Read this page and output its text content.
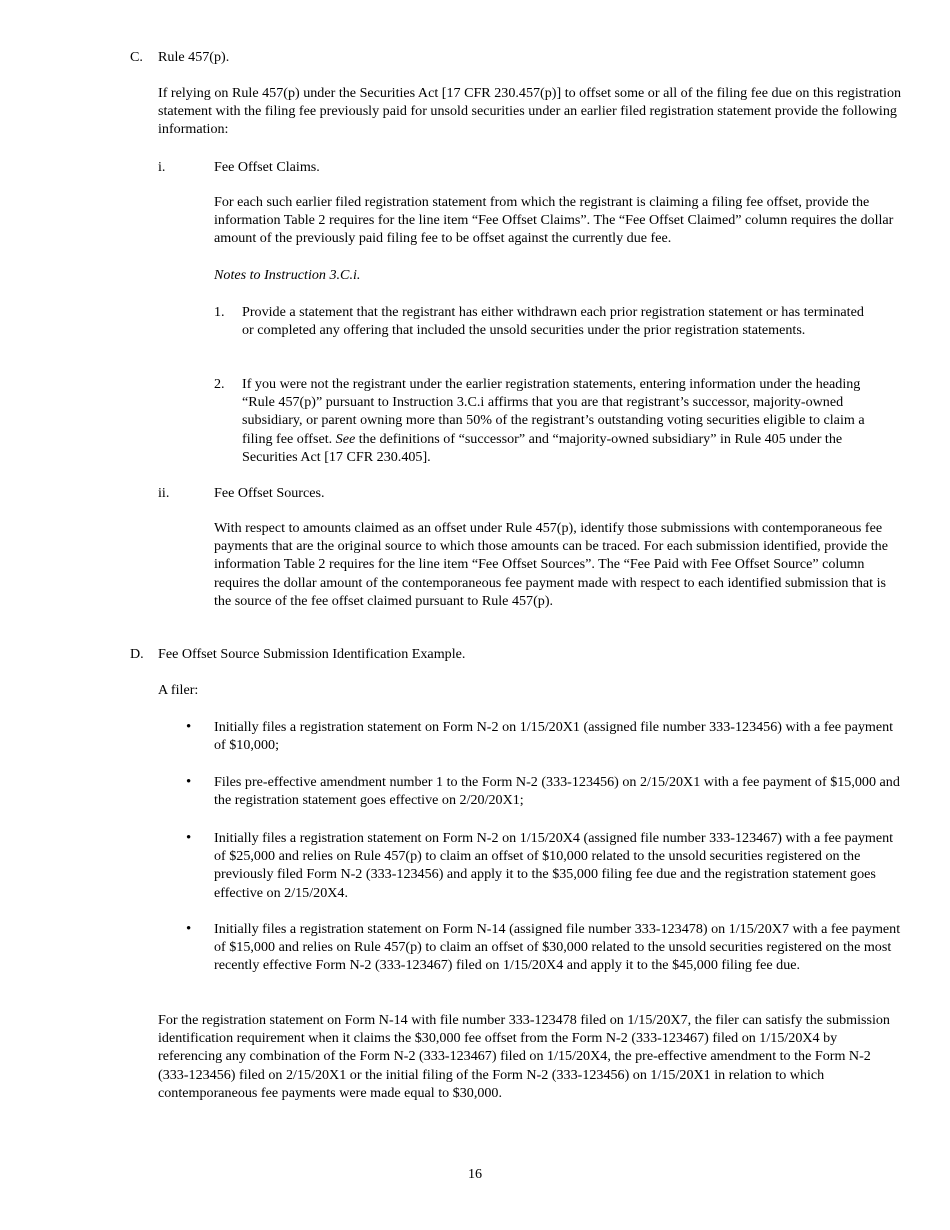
C. Rule 457(p).

If relying on Rule 457(p) under the Securities Act [17 CFR 230.457(p)] to offset some or all of the filing fee due on this registration statement with the filing fee previously paid for unsold securities under an earlier filed registration statement provide the following information:

i.	Fee Offset Claims.

For each such earlier filed registration statement from which the registrant is claiming a filing fee offset, provide the information Table 2 requires for the line item “Fee Offset Claims”. The “Fee Offset Claimed” column requires the dollar amount of the previously paid filing fee to be offset against the currently due fee.

Notes to Instruction 3.C.i.

1. Provide a statement that the registrant has either withdrawn each prior registration statement or has terminated or completed any offering that included the unsold securities under the prior registration statements.

2. If you were not the registrant under the earlier registration statements, entering information under the heading “Rule 457(p)” pursuant to Instruction 3.C.i affirms that you are that registrant’s successor, majority-owned subsidiary, or parent owning more than 50% of the registrant’s outstanding voting securities eligible to claim a filing fee offset. See the definitions of “successor” and “majority-owned subsidiary” in Rule 405 under the Securities Act [17 CFR 230.405].

ii.	Fee Offset Sources.

With respect to amounts claimed as an offset under Rule 457(p), identify those submissions with contemporaneous fee payments that are the original source to which those amounts can be traced. For each submission identified, provide the information Table 2 requires for the line item “Fee Offset Sources”. The “Fee Paid with Fee Offset Source” column requires the dollar amount of the contemporaneous fee payment made with respect to each identified submission that is the source of the fee offset claimed pursuant to Rule 457(p).

D. Fee Offset Source Submission Identification Example.

A filer:

• Initially files a registration statement on Form N-2 on 1/15/20X1 (assigned file number 333-123456) with a fee payment of $10,000;

• Files pre-effective amendment number 1 to the Form N-2 (333-123456) on 2/15/20X1 with a fee payment of $15,000 and the registration statement goes effective on 2/20/20X1;

• Initially files a registration statement on Form N-2 on 1/15/20X4 (assigned file number 333-123467) with a fee payment of $25,000 and relies on Rule 457(p) to claim an offset of $10,000 related to the unsold securities registered on the previously filed Form N-2 (333-123456) and apply it to the $35,000 filing fee due and the registration statement goes effective on 2/15/20X4.

• Initially files a registration statement on Form N-14 (assigned file number 333-123478) on 1/15/20X7 with a fee payment of $15,000 and relies on Rule 457(p) to claim an offset of $30,000 related to the unsold securities registered on the most recently effective Form N-2 (333-123467) filed on 1/15/20X4 and apply it to the $45,000 filing fee due.

For the registration statement on Form N-14 with file number 333-123478 filed on 1/15/20X7, the filer can satisfy the submission identification requirement when it claims the $30,000 fee offset from the Form N-2 (333-123467) filed on 1/15/20X4 by referencing any combination of the Form N-2 (333-123467) filed on 1/15/20X4, the pre-effective amendment to the Form N-2 (333-123456) filed on 2/15/20X1 or the initial filing of the Form N-2 (333-123456) on 1/15/20X1 in relation to which contemporaneous fee payments were made equal to $30,000.

16
